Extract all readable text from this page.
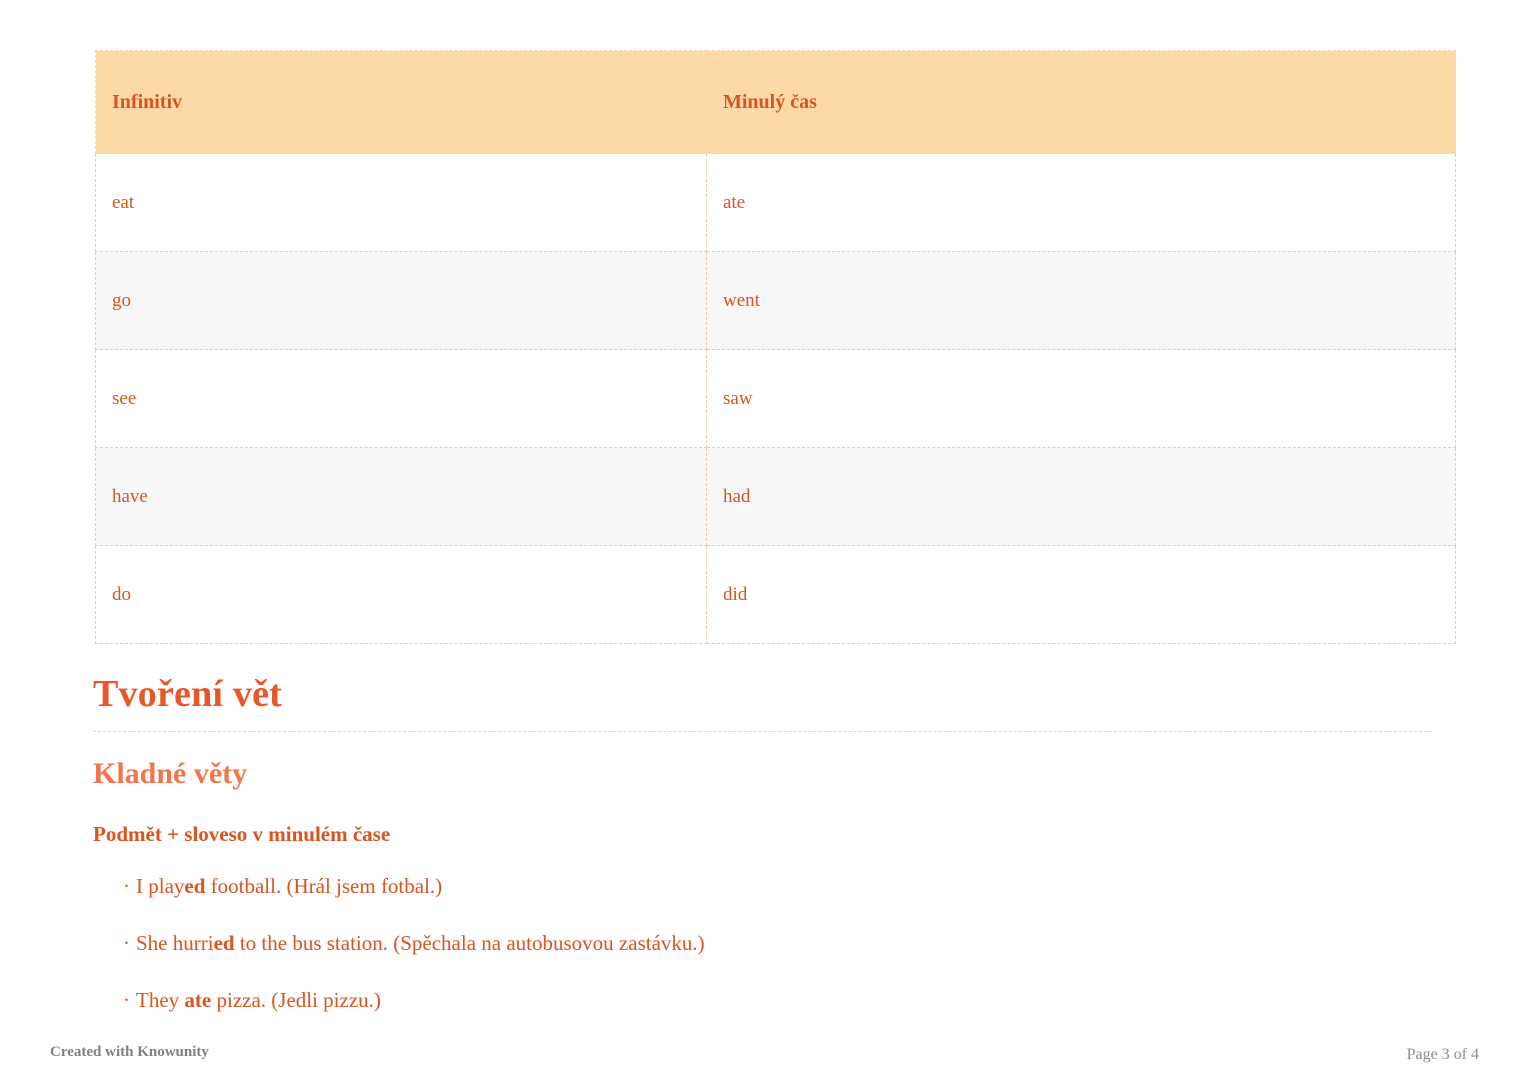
Infinitiv	Minulý čas
eat	ate
go	went
see	saw
have	had
do	did
Tvoření vět
Kladné věty
Podmět + sloveso v minulém čase
· I played football. (Hrál jsem fotbal.)
· She hurried to the bus station. (Spěchala na autobusovou zastávku.)
· They ate pizza. (Jedli pizzu.)
Created with Knowunity	Page 3 of 4
